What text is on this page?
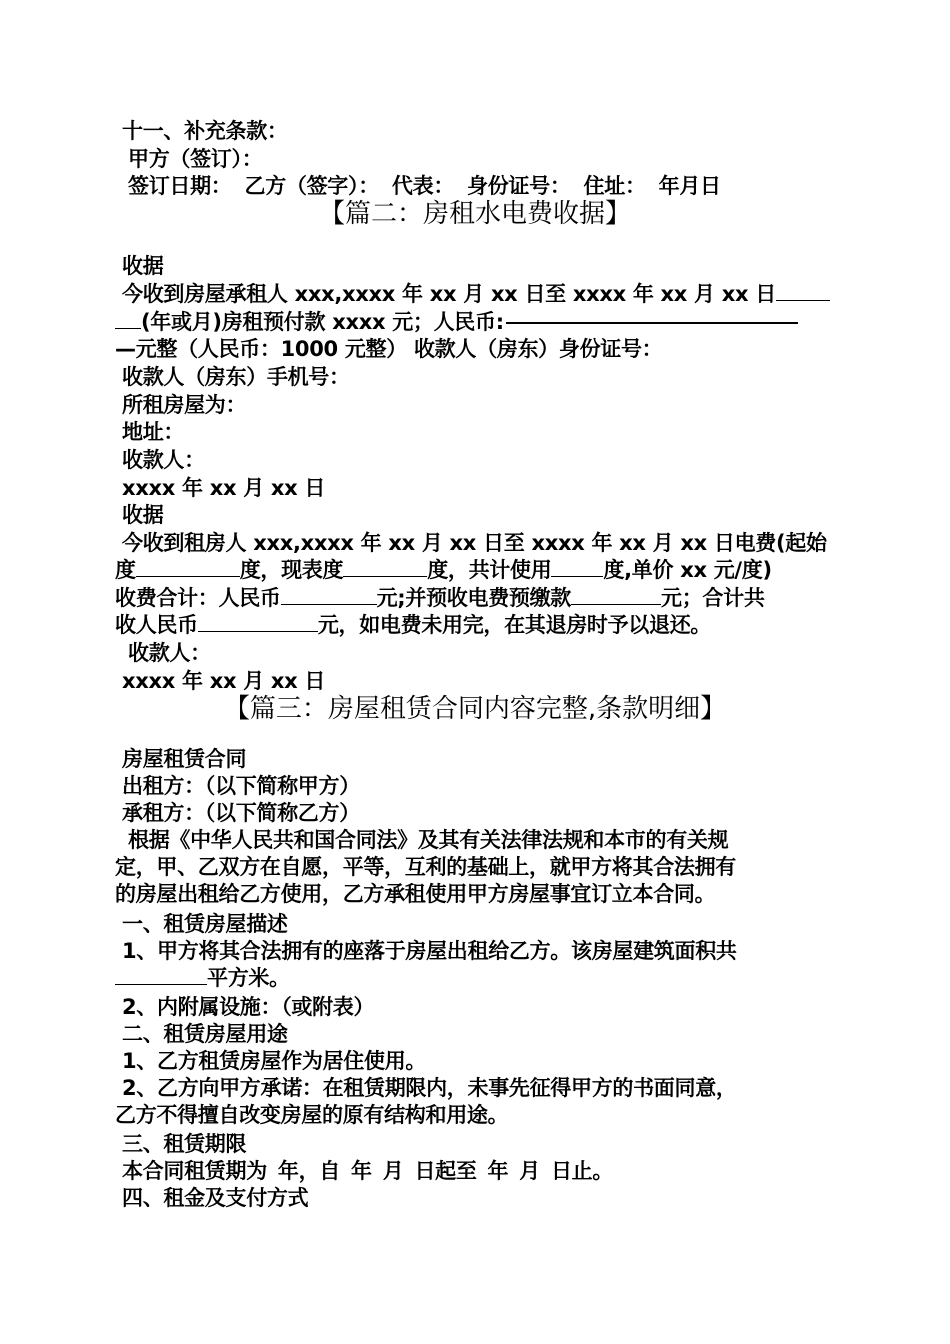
十一、补充条款：
甲方（签订）：
签订日期： 乙方（签字）： 代表： 身份证号： 住址： 年月日
【篇二：房租水电费收据】
收据
今收到房屋承租人 xxx,xxxx 年 xx 月 xx 日至 xxxx 年 xx 月 xx 日
(年或月)房租预付款 xxxx 元；人民币:
—元整（人民币：1000 元整） 收款人（房东）身份证号：
收款人（房东）手机号：
所租房屋为：
地址：
收款人：
xxxx 年 xx 月 xx 日
收据
今收到租房人 xxx,xxxx 年 xx 月 xx 日至 xxxx 年 xx 月 xx 日电费(起始
度	度，现表度	度，共计使用 度,单价 xx 元/度)
收费合计：人民币	元;并预收电费预缴款	元；合计共
收人民币	元，如电费未用完，在其退房时予以退还。
收款人：
xxxx 年 xx 月 xx 日
【篇三：房屋租赁合同内容完整,条款明细】
房屋租赁合同
出租方：（以下简称甲方）
承租方：（以下简称乙方）
根据《中华人民共和国合同法》及其有关法律法规和本市的有关规
定，甲、乙双方在自愿，平等，互利的基础上，就甲方将其合法拥有
的房屋出租给乙方使用，乙方承租使用甲方房屋事宜订立本合同。
一、租赁房屋描述
1、甲方将其合法拥有的座落于房屋出租给乙方。该房屋建筑面积共
平方米。
2、内附属设施：（或附表）
二、租赁房屋用途
1、乙方租赁房屋作为居住使用。
2、乙方向甲方承诺：在租赁期限内，未事先征得甲方的书面同意，
乙方不得擅自改变房屋的原有结构和用途。
三、租赁期限
本合同租赁期为 年，自 年 月 日起至 年 月 日止。
四、租金及支付方式
